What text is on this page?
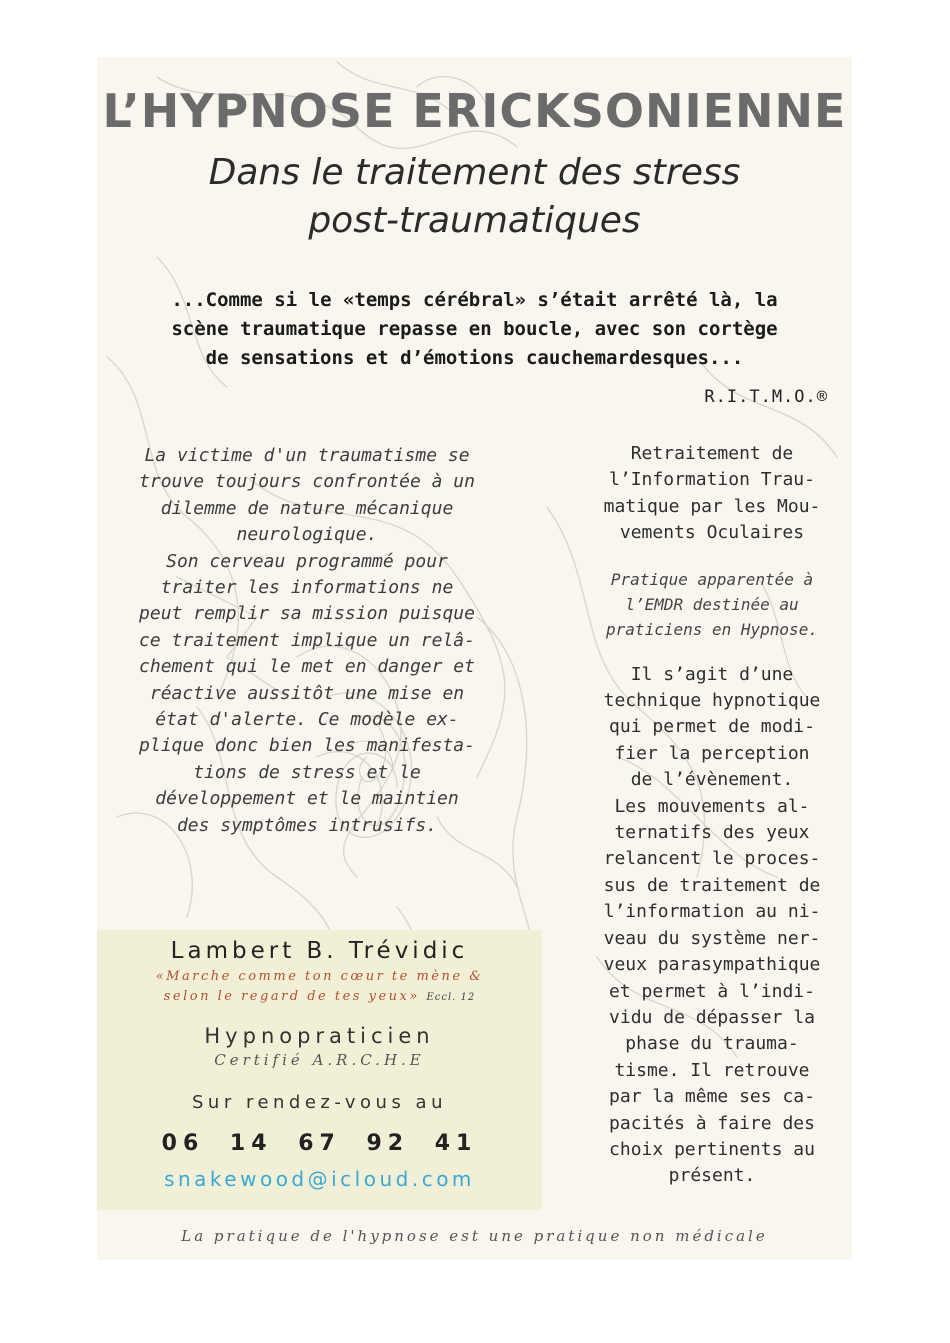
L’HYPNOSE ERICKSONIENNE
Dans le traitement des stress
post-traumatiques
...Comme si le «temps cérébral» s’était arrêté là, la
scène traumatique repasse en boucle, avec son cortège
de sensations et d’émotions cauchemardesques...
R.I.T.M.O.®
La victime d'un traumatisme se
trouve toujours confrontée à un
dilemme de nature mécanique
neurologique.
Son cerveau programmé pour
traiter les informations ne
peut remplir sa mission puisque
ce traitement implique un relâ-
chement qui le met en danger et
réactive aussitôt une mise en
état d'alerte. Ce modèle ex-
plique donc bien les manifesta-
tions de stress et le
développement et le maintien
des symptômes intrusifs.
Retraitement de
l’Information Trau-
matique par les Mou-
vements Oculaires
Pratique apparentée à
l’EMDR destinée au
praticiens en Hypnose.
Il s’agit d’une
technique hypnotique
qui permet de modi-
fier la perception
de l’évènement.
Les mouvements al-
ternatifs des yeux
relancent le proces-
sus de traitement de
l’information au ni-
veau du système ner-
veux parasympathique
et permet à l’indi-
vidu de dépasser la
phase du trauma-
tisme. Il retrouve
par la même ses ca-
pacités à faire des
choix pertinents au
présent.
Lambert B. Trévidic
«Marche comme ton cœur te mène &
selon le regard de tes yeux» Eccl. 12
Hypnopraticien
Certifié A.R.C.H.E
Sur rendez-vous au
06 14 67 92 41
snakewood@icloud.com
La pratique de l'hypnose est une pratique non médicale
